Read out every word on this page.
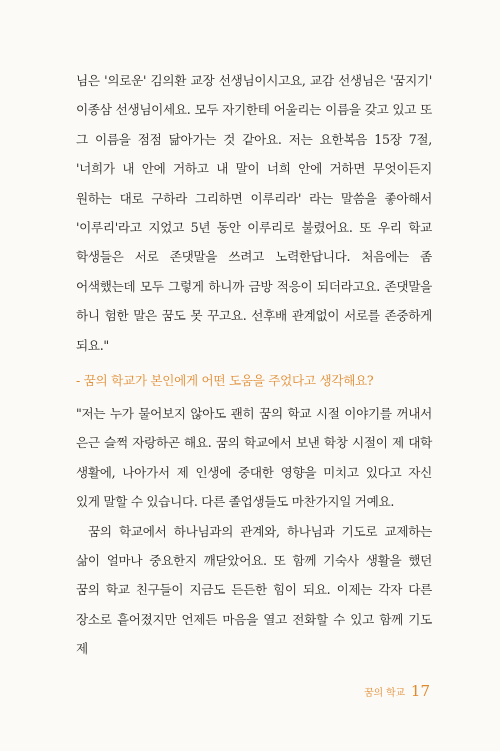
님은 '의로운' 김의환 교장 선생님이시고요, 교감 선생님은 '꿈지기' 이종삼 선생님이세요. 모두 자기한테 어울리는 이름을 갖고 있고 또 그 이름을 점점 닮아가는 것 같아요. 저는 요한복음 15장 7절, '너희가 내 안에 거하고 내 말이 너희 안에 거하면 무엇이든지 원하는 대로 구하라 그리하면 이루리라' 라는 말씀을 좋아해서 '이루리'라고 지었고 5년 동안 이루리로 불렸어요. 또 우리 학교 학생들은 서로 존댓말을 쓰려고 노력한답니다. 처음에는 좀 어색했는데 모두 그렇게 하니까 금방 적응이 되더라고요. 존댓말을 하니 험한 말은 꿈도 못 꾸고요. 선후배 관계없이 서로를 존중하게 되요."

- 꿈의 학교가 본인에게 어떤 도움을 주었다고 생각해요?

"저는 누가 물어보지 않아도 괜히 꿈의 학교 시절 이야기를 꺼내서 은근 슬쩍 자랑하곤 해요. 꿈의 학교에서 보낸 학창 시절이 제 대학 생활에, 나아가서 제 인생에 중대한 영향을 미치고 있다고 자신 있게 말할 수 있습니다. 다른 졸업생들도 마찬가지일 거예요.

꿈의 학교에서 하나님과의 관계와, 하나님과 기도로 교제하는 삶이 얼마나 중요한지 깨닫았어요. 또 함께 기숙사 생활을 했던 꿈의 학교 친구들이 지금도 든든한 힘이 되요. 이제는 각자 다른 장소로 흩어졌지만 언제든 마음을 열고 전화할 수 있고 함께 기도 제

꿈의 학교 17
